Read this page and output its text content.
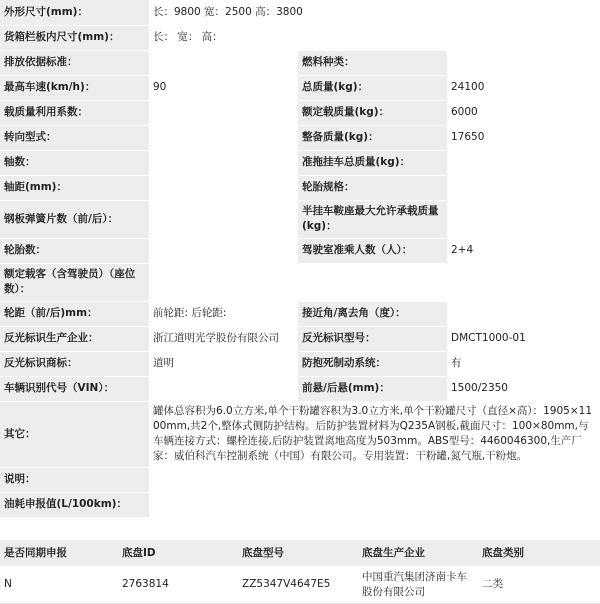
外形尺寸(mm)：	长：9800 宽：2500 高：3800		
货箱栏板内尺寸(mm)：	长： 宽： 高：		
排放依据标准：		燃料种类：	
最高车速(km/h)：	90	总质量(kg)：	24100
载质量利用系数：		额定载质量(kg)：	6000
转向型式：		整备质量(kg)：	17650
轴数：		准拖挂车总质量(kg)：	
轴距(mm)：		轮胎规格：	
钢板弹簧片数（前/后）：		半挂车鞍座最大允许承载质量(kg)：	
轮胎数：		驾驶室准乘人数（人）：	2+4
额定载客（含驾驶员）（座位数）：			
轮距（前/后)mm：	前轮距: 后轮距:	接近角/离去角（度）：	
反光标识生产企业：	浙江道明光学股份有限公司	反光标识型号：	DMCT1000-01
反光标识商标：	道明	防抱死制动系统：	有
车辆识别代号（VIN）：		前悬/后悬(mm)：	1500/2350
其它：	罐体总容积为6.0立方米,单个干粉罐容积为3.0立方米,单个干粉罐尺寸（直径×高）：1905×1100mm,共2个,整体式侧防护结构。后防护装置材料为Q235A钢板,截面尺寸：100×80mm,与车辆连接方式：螺栓连接,后防护装置离地高度为503mm。ABS型号：4460046300,生产厂家：威伯科汽车控制系统（中国）有限公司。专用装置：干粉罐,氮气瓶,干粉炮。		
说明：			
油耗申报值(L/100km)：			
是否同期申报	底盘ID	底盘型号	底盘生产企业	底盘类别
N	2763814	ZZ5347V4647E5	中国重汽集团济南卡车股份有限公司	二类
